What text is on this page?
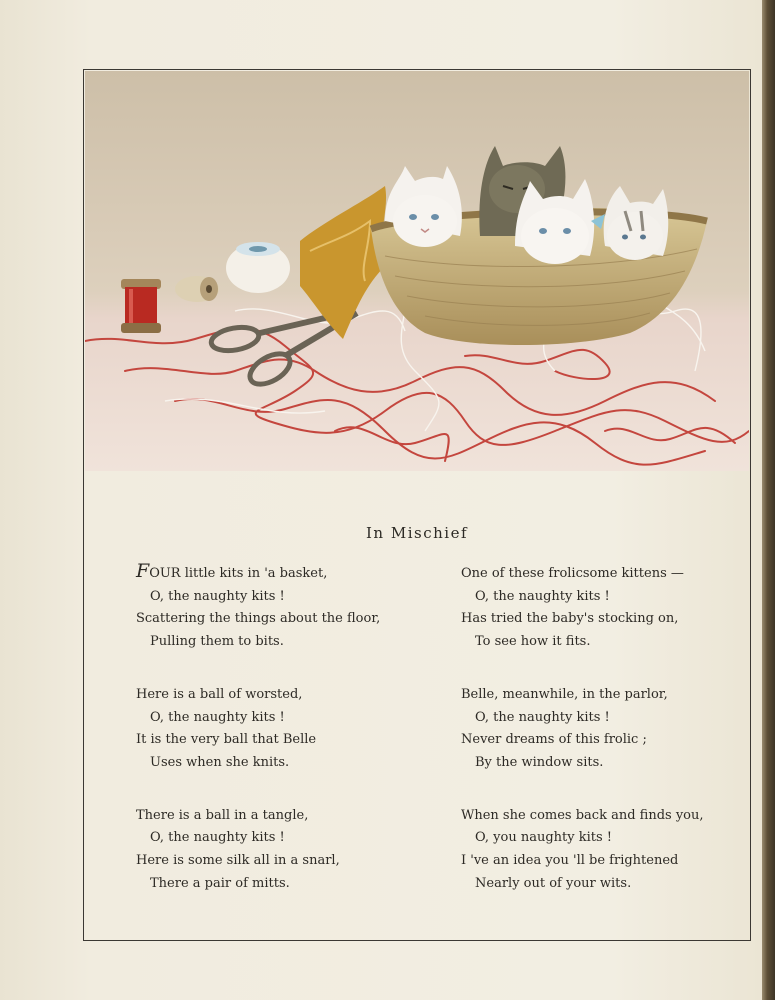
In Mischief
FOUR little kits in 'a basket,
O, the naughty kits !
Scattering the things about the floor,
Pulling them to bits.
Here is a ball of worsted,
O, the naughty kits !
It is the very ball that Belle
Uses when she knits.
There is a ball in a tangle,
O, the naughty kits !
Here is some silk all in a snarl,
There a pair of mitts.
One of these frolicsome kittens —
O, the naughty kits !
Has tried the baby's stocking on,
To see how it fits.
Belle, meanwhile, in the parlor,
O, the naughty kits !
Never dreams of this frolic ;
By the window sits.
When she comes back and finds you,
O, you naughty kits !
I 've an idea you 'll be frightened
Nearly out of your wits.
